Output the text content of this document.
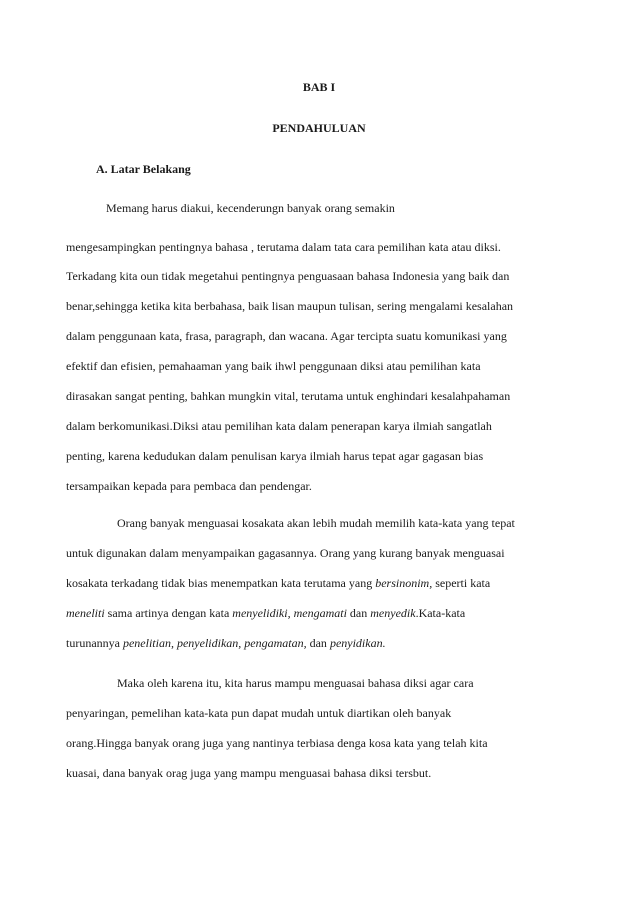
BAB I
PENDAHULUAN
A. Latar Belakang
Memang harus diakui, kecenderungn banyak orang semakin
mengesampingkan pentingnya bahasa , terutama dalam tata cara pemilihan kata atau diksi.
Terkadang kita oun tidak megetahui pentingnya penguasaan bahasa Indonesia yang baik dan
benar,sehingga ketika kita berbahasa, baik lisan maupun tulisan, sering mengalami kesalahan
dalam penggunaan kata, frasa, paragraph, dan wacana. Agar tercipta suatu komunikasi yang
efektif dan efisien, pemahaaman yang baik ihwl penggunaan diksi atau pemilihan kata
dirasakan sangat penting, bahkan mungkin vital, terutama untuk enghindari kesalahpahaman
dalam berkomunikasi.Diksi atau pemilihan kata dalam penerapan karya ilmiah sangatlah
penting, karena kedudukan dalam penulisan karya ilmiah harus tepat agar gagasan bias
tersampaikan kepada para pembaca dan pendengar.
Orang banyak menguasai kosakata akan lebih mudah memilih kata-kata yang tepat
untuk digunakan dalam menyampaikan gagasannya. Orang yang kurang banyak menguasai
kosakata terkadang tidak bias menempatkan kata terutama yang bersinonim, seperti kata
meneliti sama artinya dengan kata menyelidiki, mengamati dan menyedik.Kata-kata
turunannya penelitian, penyelidikan, pengamatan, dan penyidikan.
Maka oleh karena itu, kita harus mampu menguasai bahasa diksi agar cara
penyaringan, pemelihan kata-kata pun dapat mudah untuk diartikan oleh banyak
orang.Hingga banyak orang juga yang nantinya terbiasa denga kosa kata yang telah kita
kuasai, dana banyak orag juga yang mampu menguasai bahasa diksi tersbut.
